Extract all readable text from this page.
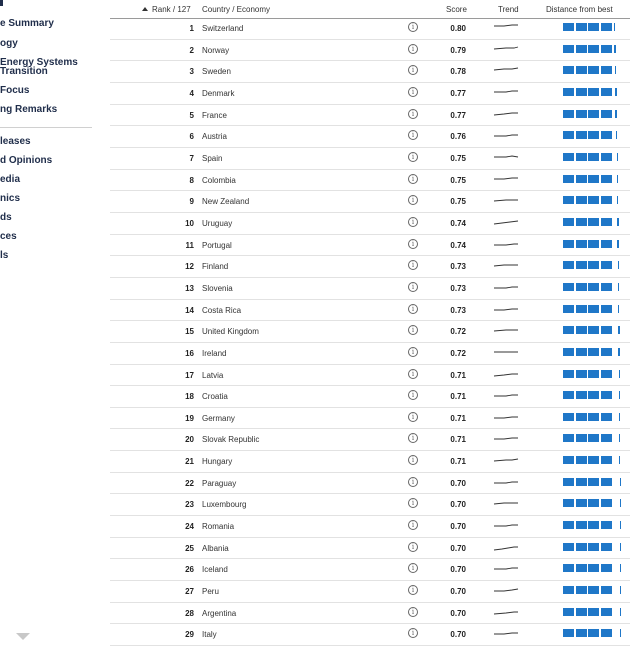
e Summary
ogy
Energy Systems
Transition
Focus
ng Remarks
leases
d Opinions
edia
nics
ds
ces
ls
Rank / 127 Country / Economy	Score	Trend	Distance from best
1 Switzerland	i	0.80
2 Norway	i	0.79
3 Sweden	i	0.78
4 Denmark	i	0.77
5 France	i	0.77
6 Austria	i	0.76
7 Spain	i	0.75
8 Colombia	i	0.75
9 New Zealand	i	0.75
10 Uruguay	i	0.74
11 Portugal	i	0.74
12 Finland	i	0.73
13 Slovenia	i	0.73
14 Costa Rica	i	0.73
15 United Kingdom	i	0.72
16 Ireland	i	0.72
17 Latvia	i	0.71
18 Croatia	i	0.71
19 Germany	i	0.71
20 Slovak Republic	i	0.71
21 Hungary	i	0.71
22 Paraguay	i	0.70
23 Luxembourg	i	0.70
24 Romania	i	0.70
25 Albania	i	0.70
26 Iceland	i	0.70
27 Peru	i	0.70
28 Argentina	i	0.70
29 Italy	i	0.70
